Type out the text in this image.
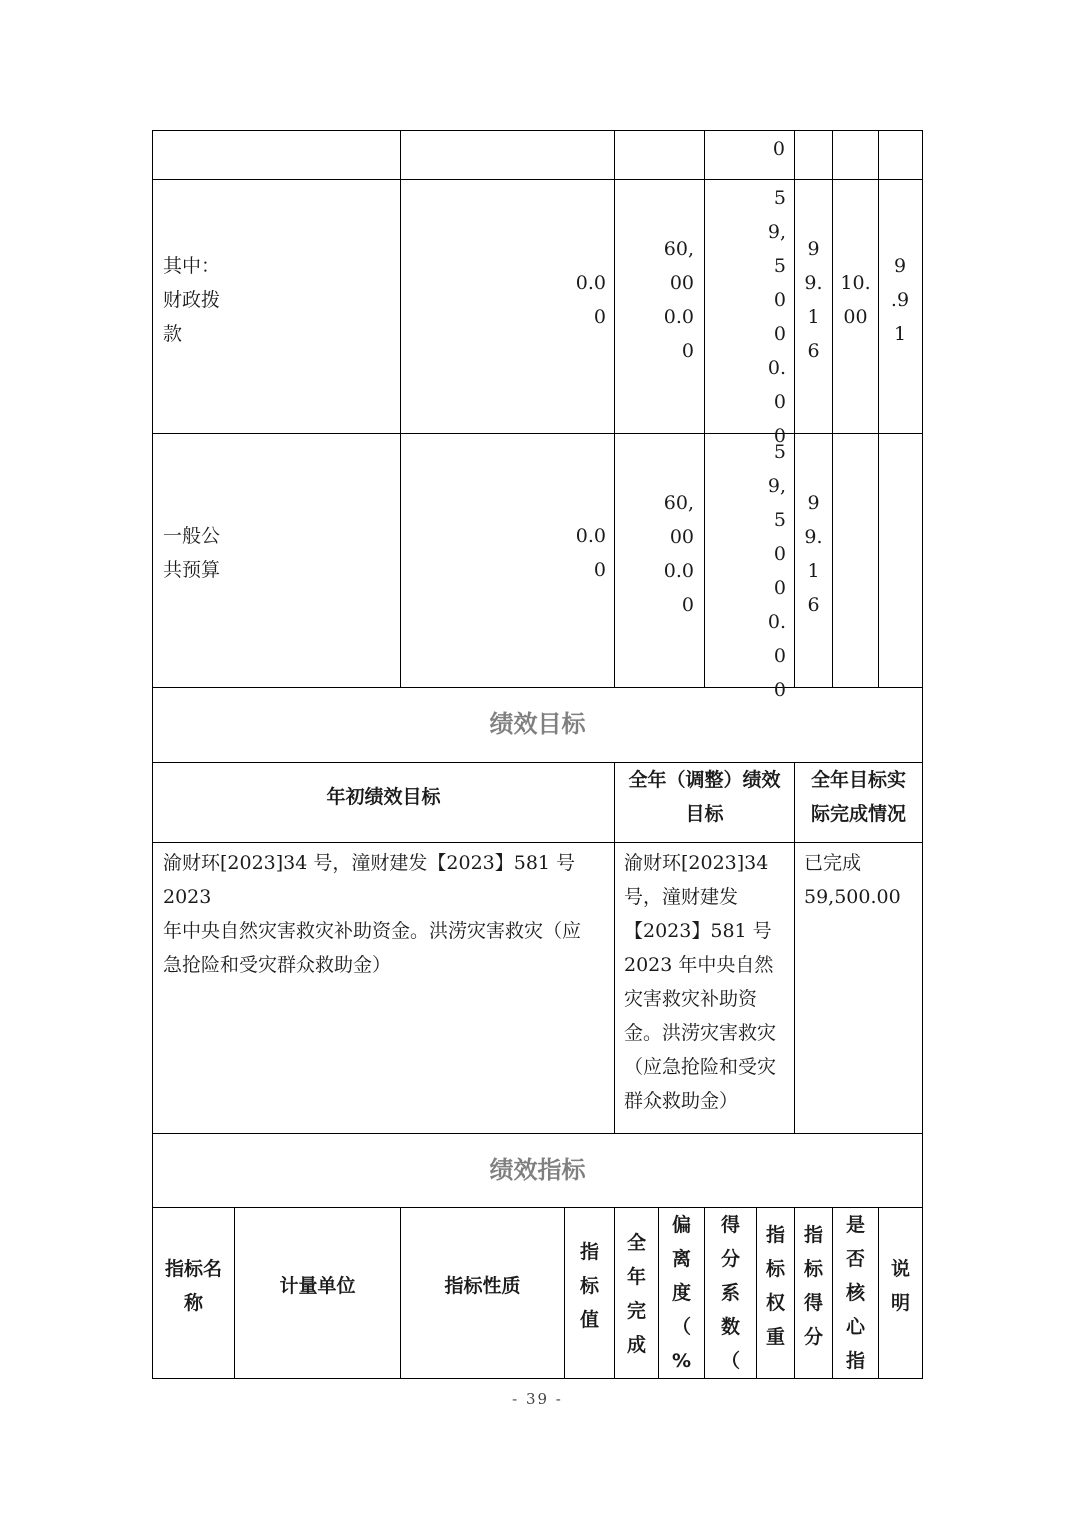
0
其中：
财政拨
款
0.0
0
60,
00
0.0
0
5
9,
5
0
0
0.
0
0
9
9.
1
6
10.
00
9
.9
1
一般公
共预算
0.0
0
60,
00
0.0
0
5
9,
5
0
0
0.
0
0
9
9.
1
6
绩效目标
年初绩效目标
全年（调整）绩效
目标
全年目标实
际完成情况
渝财环[2023]34 号，潼财建发【2023】581 号 2023
年中央自然灾害救灾补助资金。洪涝灾害救灾（应
急抢险和受灾群众救助金）
渝财环[2023]34
号，潼财建发
【2023】581 号
2023 年中央自然
灾害救灾补助资
金。洪涝灾害救灾
（应急抢险和受灾
群众救助金）
已完成
59,500.00
绩效指标
指标名
称
计量单位	指标性质
指
标
值
全
年
完
成
偏
离
度
（
%
得
分
系
数
（
指
标
权
重
指
标
得
分
是
否
核
心
指
说
明
- 39 -
